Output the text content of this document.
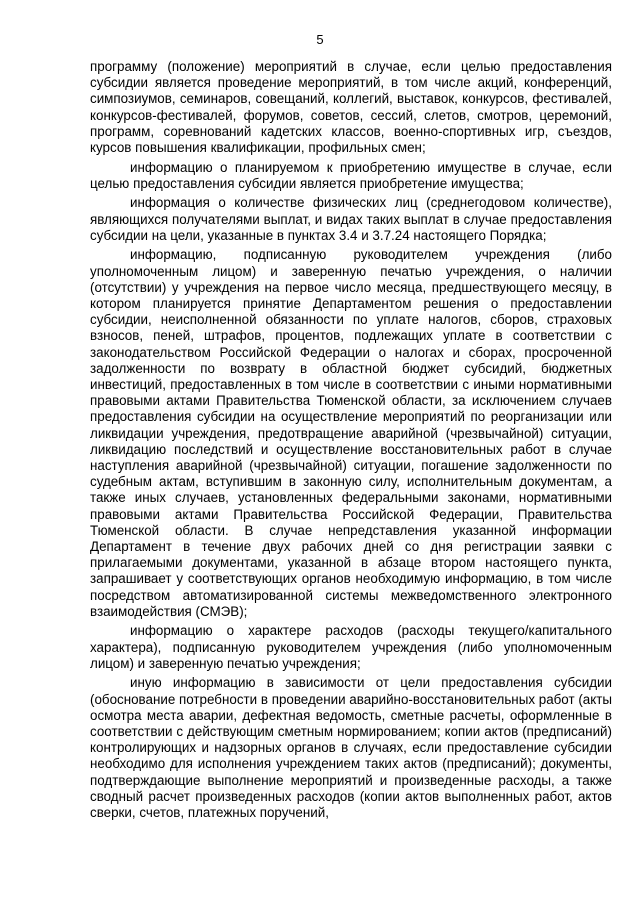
5

программу (положение) мероприятий в случае, если целью предоставления субсидии является проведение мероприятий, в том числе акций, конференций, симпозиумов, семинаров, совещаний, коллегий, выставок, конкурсов, фестивалей, конкурсов-фестивалей, форумов, советов, сессий, слетов, смотров, церемоний, программ, соревнований кадетских классов, военно-спортивных игр, съездов, курсов повышения квалификации, профильных смен;

информацию о планируемом к приобретению имуществе в случае, если целью предоставления субсидии является приобретение имущества;

информация о количестве физических лиц (среднегодовом количестве), являющихся получателями выплат, и видах таких выплат в случае предоставления субсидии на цели, указанные в пунктах 3.4 и 3.7.24 настоящего Порядка;

информацию, подписанную руководителем учреждения (либо уполномоченным лицом) и заверенную печатью учреждения, о наличии (отсутствии) у учреждения на первое число месяца, предшествующего месяцу, в котором планируется принятие Департаментом решения о предоставлении субсидии, неисполненной обязанности по уплате налогов, сборов, страховых взносов, пеней, штрафов, процентов, подлежащих уплате в соответствии с законодательством Российской Федерации о налогах и сборах, просроченной задолженности по возврату в областной бюджет субсидий, бюджетных инвестиций, предоставленных в том числе в соответствии с иными нормативными правовыми актами Правительства Тюменской области, за исключением случаев предоставления субсидии на осуществление мероприятий по реорганизации или ликвидации учреждения, предотвращение аварийной (чрезвычайной) ситуации, ликвидацию последствий и осуществление восстановительных работ в случае наступления аварийной (чрезвычайной) ситуации, погашение задолженности по судебным актам, вступившим в законную силу, исполнительным документам, а также иных случаев, установленных федеральными законами, нормативными правовыми актами Правительства Российской Федерации, Правительства Тюменской области. В случае непредставления указанной информации Департамент в течение двух рабочих дней со дня регистрации заявки с прилагаемыми документами, указанной в абзаце втором настоящего пункта, запрашивает у соответствующих органов необходимую информацию, в том числе посредством автоматизированной системы межведомственного электронного взаимодействия (СМЭВ);

информацию о характере расходов (расходы текущего/капитального характера), подписанную руководителем учреждения (либо уполномоченным лицом) и заверенную печатью учреждения;

иную информацию в зависимости от цели предоставления субсидии (обоснование потребности в проведении аварийно-восстановительных работ (акты осмотра места аварии, дефектная ведомость, сметные расчеты, оформленные в соответствии с действующим сметным нормированием; копии актов (предписаний) контролирующих и надзорных органов в случаях, если предоставление субсидии необходимо для исполнения учреждением таких актов (предписаний); документы, подтверждающие выполнение мероприятий и произведенные расходы, а также сводный расчет произведенных расходов (копии актов выполненных работ, актов сверки, счетов, платежных поручений,
